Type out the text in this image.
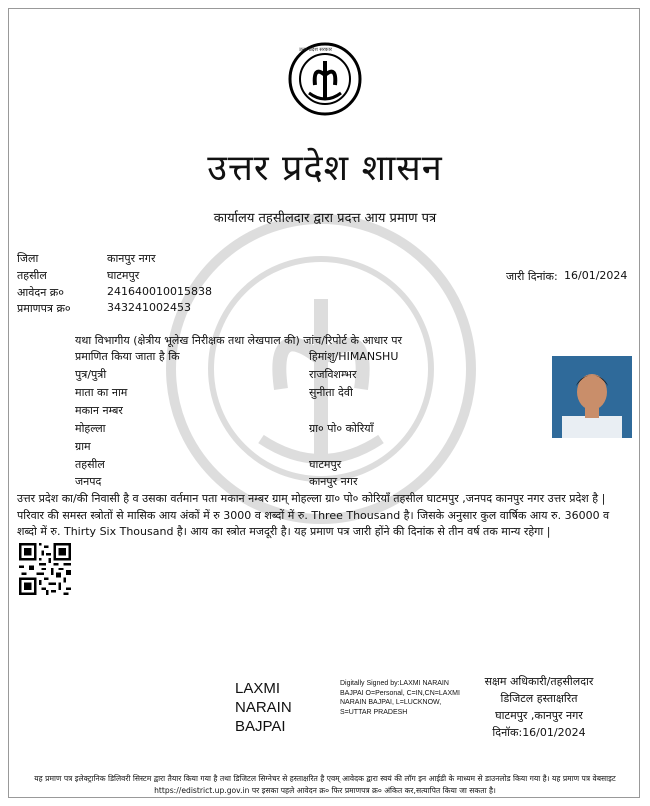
उत्तर प्रदेश सरकार
उत्तर प्रदेश शासन
कार्यालय तहसीलदार द्वारा प्रदत्त आय प्रमाण पत्र
जिला	कानपुर नगर
तहसील	घाटमपुर
आवेदन क्र०	241640010015838
प्रमाणपत्र क्र०	343241002453
जारी दिनांक: 16/01/2024
यथा विभागीय (क्षेत्रीय भूलेख निरीक्षक तथा लेखपाल की) जांच/रिपोर्ट के आधार पर
प्रमाणित किया जाता है कि	हिमांशु/HIMANSHU
पुत्र/पुत्री	राजविशम्भर
माता का नाम	सुनीता देवी
मकान नम्बर
मोहल्ला	ग्रा० पो० कोरियाँ
ग्राम
तहसील	घाटमपुर
जनपद	कानपुर नगर
उत्तर प्रदेश का/की निवासी है व उसका वर्तमान पता मकान नम्बर ग्राम् मोहल्ला ग्रा० पो० कोरियाँ तहसील घाटमपुर ,जनपद कानपुर नगर उत्तर प्रदेश है | परिवार की समस्त स्त्रोतों से मासिक आय अंकों में रु 3000 व शब्दों में रु. Three Thousand है। जिसके अनुसार कुल वार्षिक आय रु. 36000 व शब्दो में रु. Thirty Six Thousand है। आय का स्त्रोत मजदूरी है। यह प्रमाण पत्र जारी होंने की दिनांक से तीन वर्ष तक मान्य रहेगा |
LAXMI NARAIN BAJPAI
Digitally Signed by:LAXMI NARAIN BAJPAI O=Personal, C=IN,CN=LAXMI NARAIN BAJPAI, L=LUCKNOW, S=UTTAR PRADESH
सक्षम अधिकारी/तहसीलदार
डिजिटल हस्ताक्षरित
घाटमपुर ,कानपुर नगर
दिनॉक:16/01/2024
यह प्रमाण पत्र इलेक्ट्रानिक डिलिवरी सिस्टम द्वारा तैयार किया गया है तथा डिजिटल सिग्नेचर से हस्ताक्षरित है एवम् आवेदक द्वारा स्वयं की लॉग इन आईडी के माध्यम से डाउनलोड किया गया है। यह प्रमाण पत्र वेबसाइट https://edistrict.up.gov.in पर इसका पहले आवेदन क्र० फिर प्रमाणपत्र क्र० अंकित कर,सत्यापित किया जा सकता है।
